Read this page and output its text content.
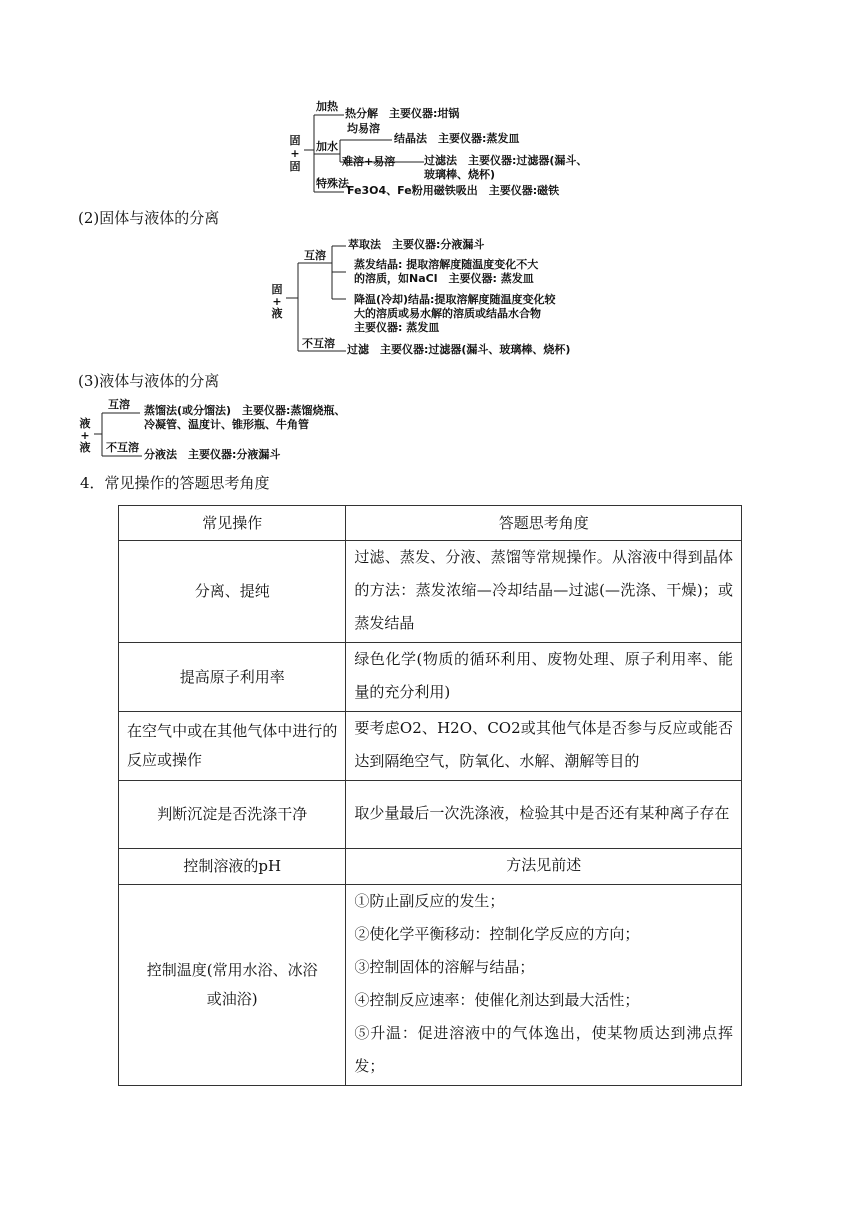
固
+
固
加热
热分解　主要仪器:坩锅
加水
均易溶
结晶法　主要仪器:蒸发皿
难溶+易溶	过滤法　主要仪器:过滤器(漏斗、
玻璃棒、烧杯)
特殊法
Fe3O4、Fe粉用磁铁吸出　主要仪器:磁铁
(2)固体与液体的分离
固
+
液
互溶
萃取法　主要仪器:分液漏斗
蒸发结晶: 提取溶解度随温度变化不大
的溶质，如NaCl　主要仪器: 蒸发皿
降温(冷却)结晶:提取溶解度随温度变化较
大的溶质或易水解的溶质或结晶水合物
主要仪器: 蒸发皿
不互溶 过滤　主要仪器:过滤器(漏斗、玻璃棒、烧杯)
(3)液体与液体的分离
液
+
液
互溶 蒸馏法(或分馏法)　主要仪器:蒸馏烧瓶、
冷凝管、温度计、锥形瓶、牛角管
不互溶
分液法　主要仪器:分液漏斗
4．常见操作的答题思考角度
常见操作	答题思考角度
分离、提纯	过滤、蒸发、分液、蒸馏等常规操作。从溶液中得到晶体的方法：蒸发浓缩—冷却结晶—过滤(—洗涤、干燥)；或蒸发结晶
提高原子利用率	绿色化学(物质的循环利用、废物处理、原子利用率、能量的充分利用)
在空气中或在其他气体中进行的反应或操作	要考虑O2、H2O、CO2或其他气体是否参与反应或能否达到隔绝空气，防氧化、水解、潮解等目的
判断沉淀是否洗涤干净	取少量最后一次洗涤液，检验其中是否还有某种离子存在
控制溶液的pH	方法见前述
控制温度(常用水浴、冰浴或油浴)	①防止副反应的发生；
②使化学平衡移动：控制化学反应的方向；
③控制固体的溶解与结晶；
④控制反应速率：使催化剂达到最大活性；
⑤升温：促进溶液中的气体逸出，使某物质达到沸点挥发；
